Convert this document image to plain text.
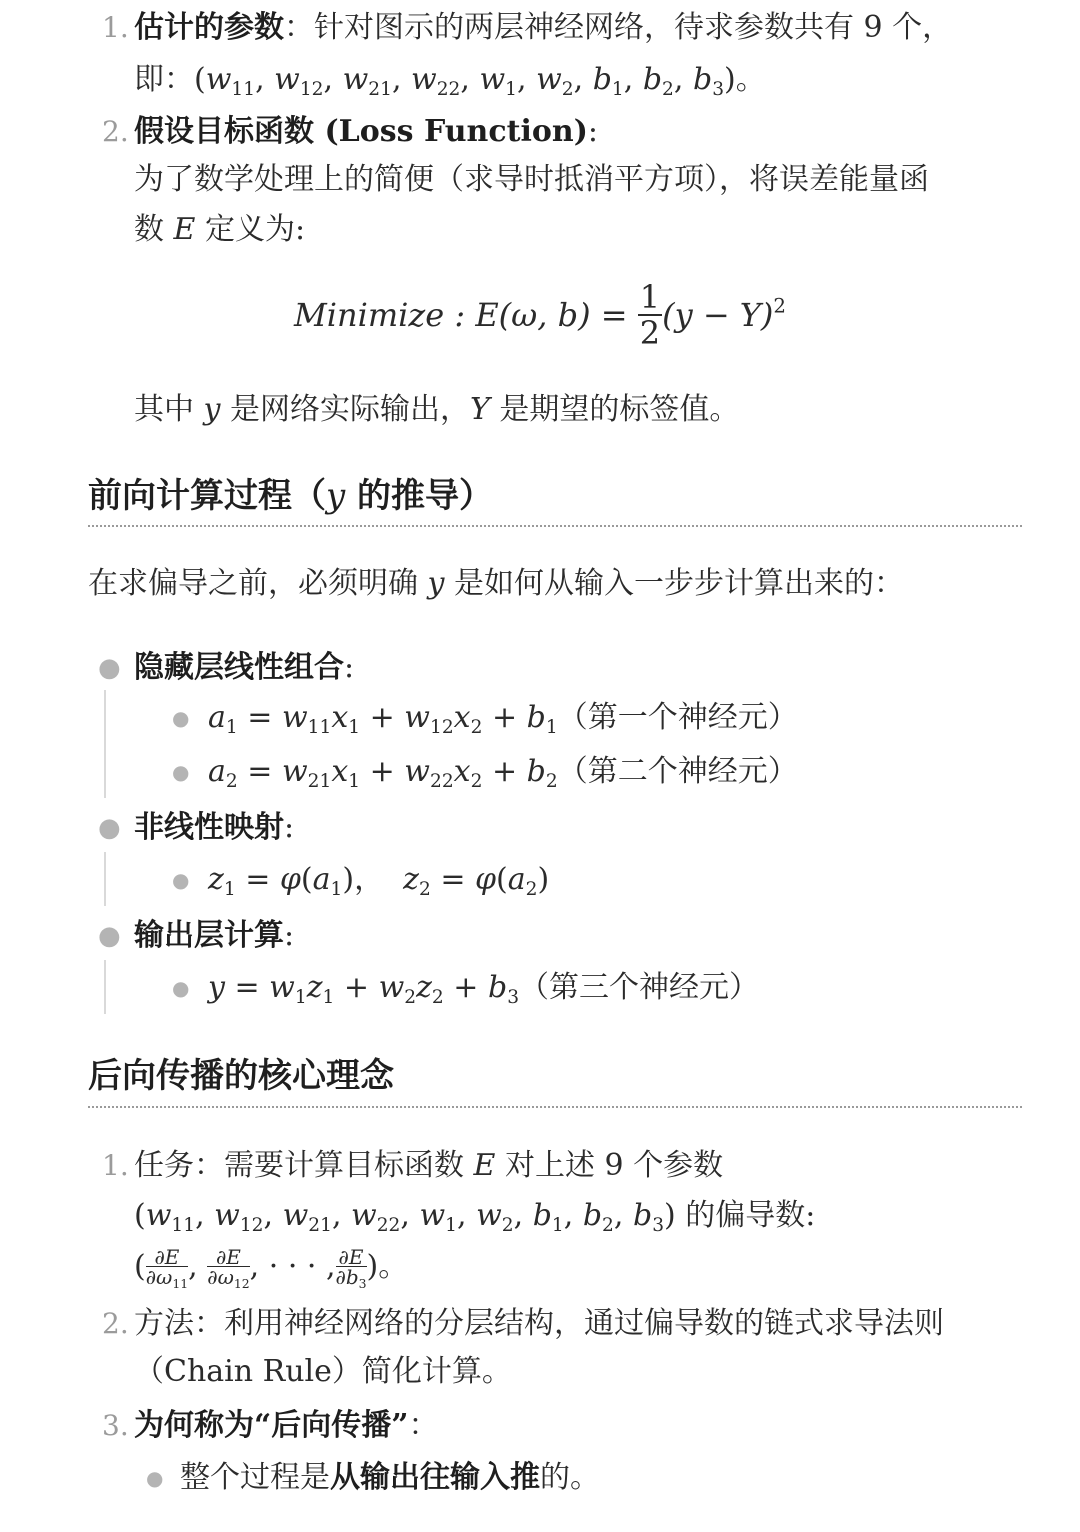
1. 估计的参数：针对图示的两层神经网络，待求参数共有 9 个，
即：($w_{11}$, $w_{12}$, $w_{21}$, $w_{22}$, $w_1$, $w_2$, $b_1$, $b_2$, $b_3$)。
2. 假设目标函数 (Loss Function):
为了数学处理上的简便（求导时抵消平方项），将误差能量函
数 E 定义为:
Minimize : E(ω, $b) = \frac{1}{2} (y - Y)^2$
其中 y 是网络实际输出，Y 是期望的标签值。
前向计算过程（y 的推导）
在求偏导之前，必须明确 y 是如何从输入一步步计算出来的：
● 隐藏层线性组合:
● $a_1 = w_{11}x_1 + w_{12}x_2 + b_1$（第一个神经元）
● $a_2 = w_{21}x_1 + w_{22}x_2 + b_2$（第二个神经元）
● 非线性映射:
● $z_1 = \varphi(a_1)$， $z_2 = \varphi(a_2)$
● 输出层计算:
● $y = w_1z_1 + w_2z_2 + b_3$（第三个神经元）
后向传播的核心理念
1. 任务：需要计算目标函数 E 对上述 9 个参数
($w_{11}$, $w_{12}$, $w_{21}$, $w_{22}$, $w_1$, $w_2$, $b_1$, $b_2$, $b_3$) 的偏导数:
( $\frac{\partial E}{\partial\omega_{11}}$ , $\frac{\partial E}{\partial\omega_{12}}$ , · · · , $\frac{\partial E}{\partial b_3}$ )。
2. 方法：利用神经网络的分层结构，通过偏导数的链式求导法则
（Chain Rule）简化计算。
3. 为何称为“后向传播”：
● 整个过程是从输出往输入推的。
